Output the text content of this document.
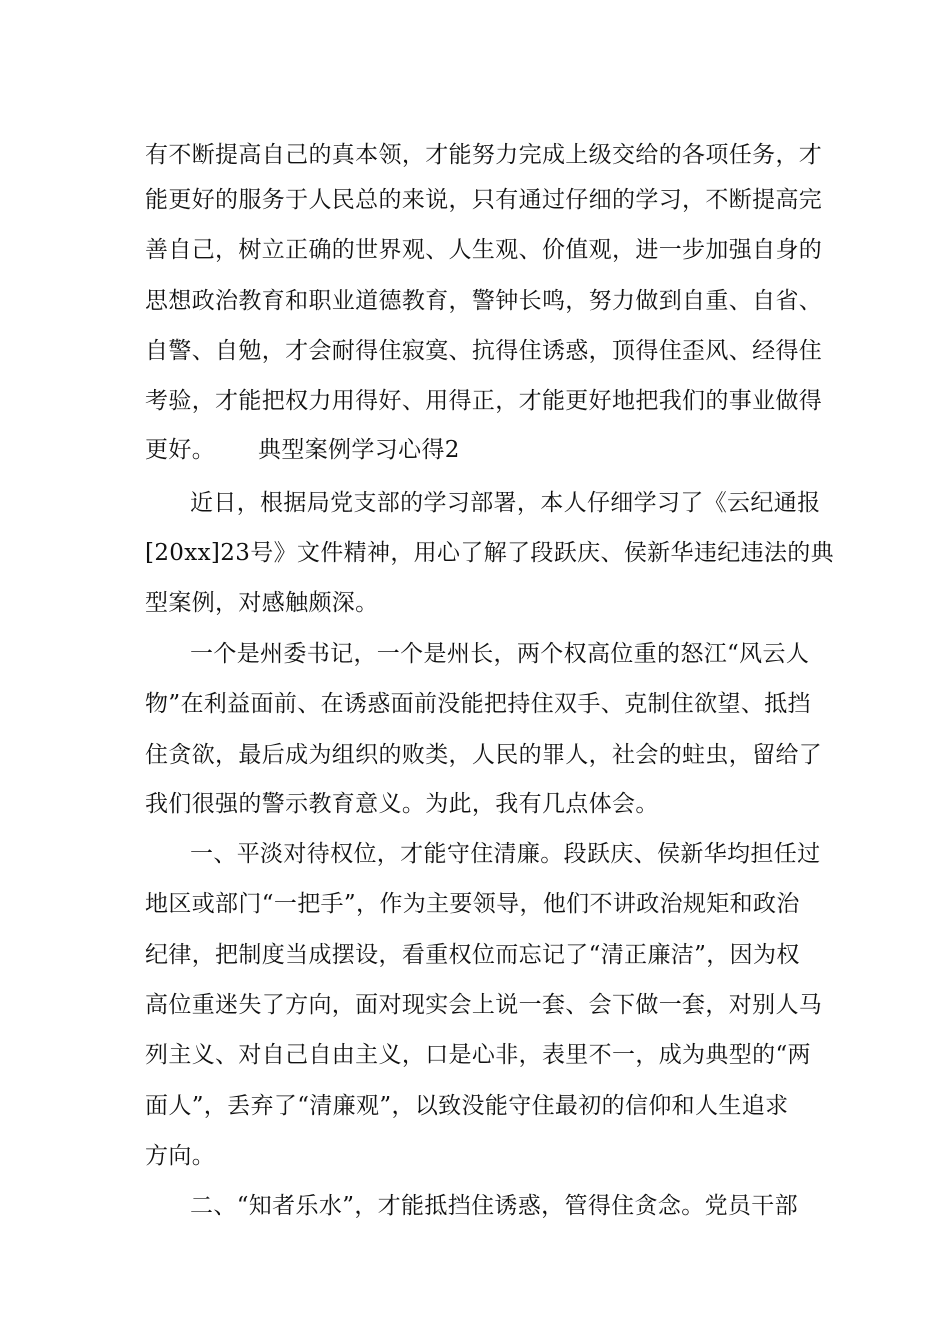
有不断提高自己的真本领，才能努力完成上级交给的各项任务，才
能更好的服务于人民总的来说，只有通过仔细的学习，不断提高完
善自己，树立正确的世界观、人生观、价值观，进一步加强自身的
思想政治教育和职业道德教育，警钟长鸣，努力做到自重、自省、
自警、自勉，才会耐得住寂寞、抗得住诱惑，顶得住歪风、经得住
考验，才能把权力用得好、用得正，才能更好地把我们的事业做得
更好。 典型案例学习心得2
近日，根据局党支部的学习部署，本人仔细学习了《云纪通报
[20xx]23号》文件精神，用心了解了段跃庆、侯新华违纪违法的典
型案例，对感触颇深。
一个是州委书记，一个是州长，两个权高位重的怒江“风云人
物”在利益面前、在诱惑面前没能把持住双手、克制住欲望、抵挡
住贪欲，最后成为组织的败类，人民的罪人，社会的蛀虫，留给了
我们很强的警示教育意义。为此，我有几点体会。
一、平淡对待权位，才能守住清廉。段跃庆、侯新华均担任过
地区或部门“一把手”，作为主要领导，他们不讲政治规矩和政治
纪律，把制度当成摆设，看重权位而忘记了“清正廉洁”，因为权
高位重迷失了方向，面对现实会上说一套、会下做一套，对别人马
列主义、对自己自由主义，口是心非，表里不一，成为典型的“两
面人”，丢弃了“清廉观”，以致没能守住最初的信仰和人生追求
方向。
二、“知者乐水”，才能抵挡住诱惑，管得住贪念。党员干部
